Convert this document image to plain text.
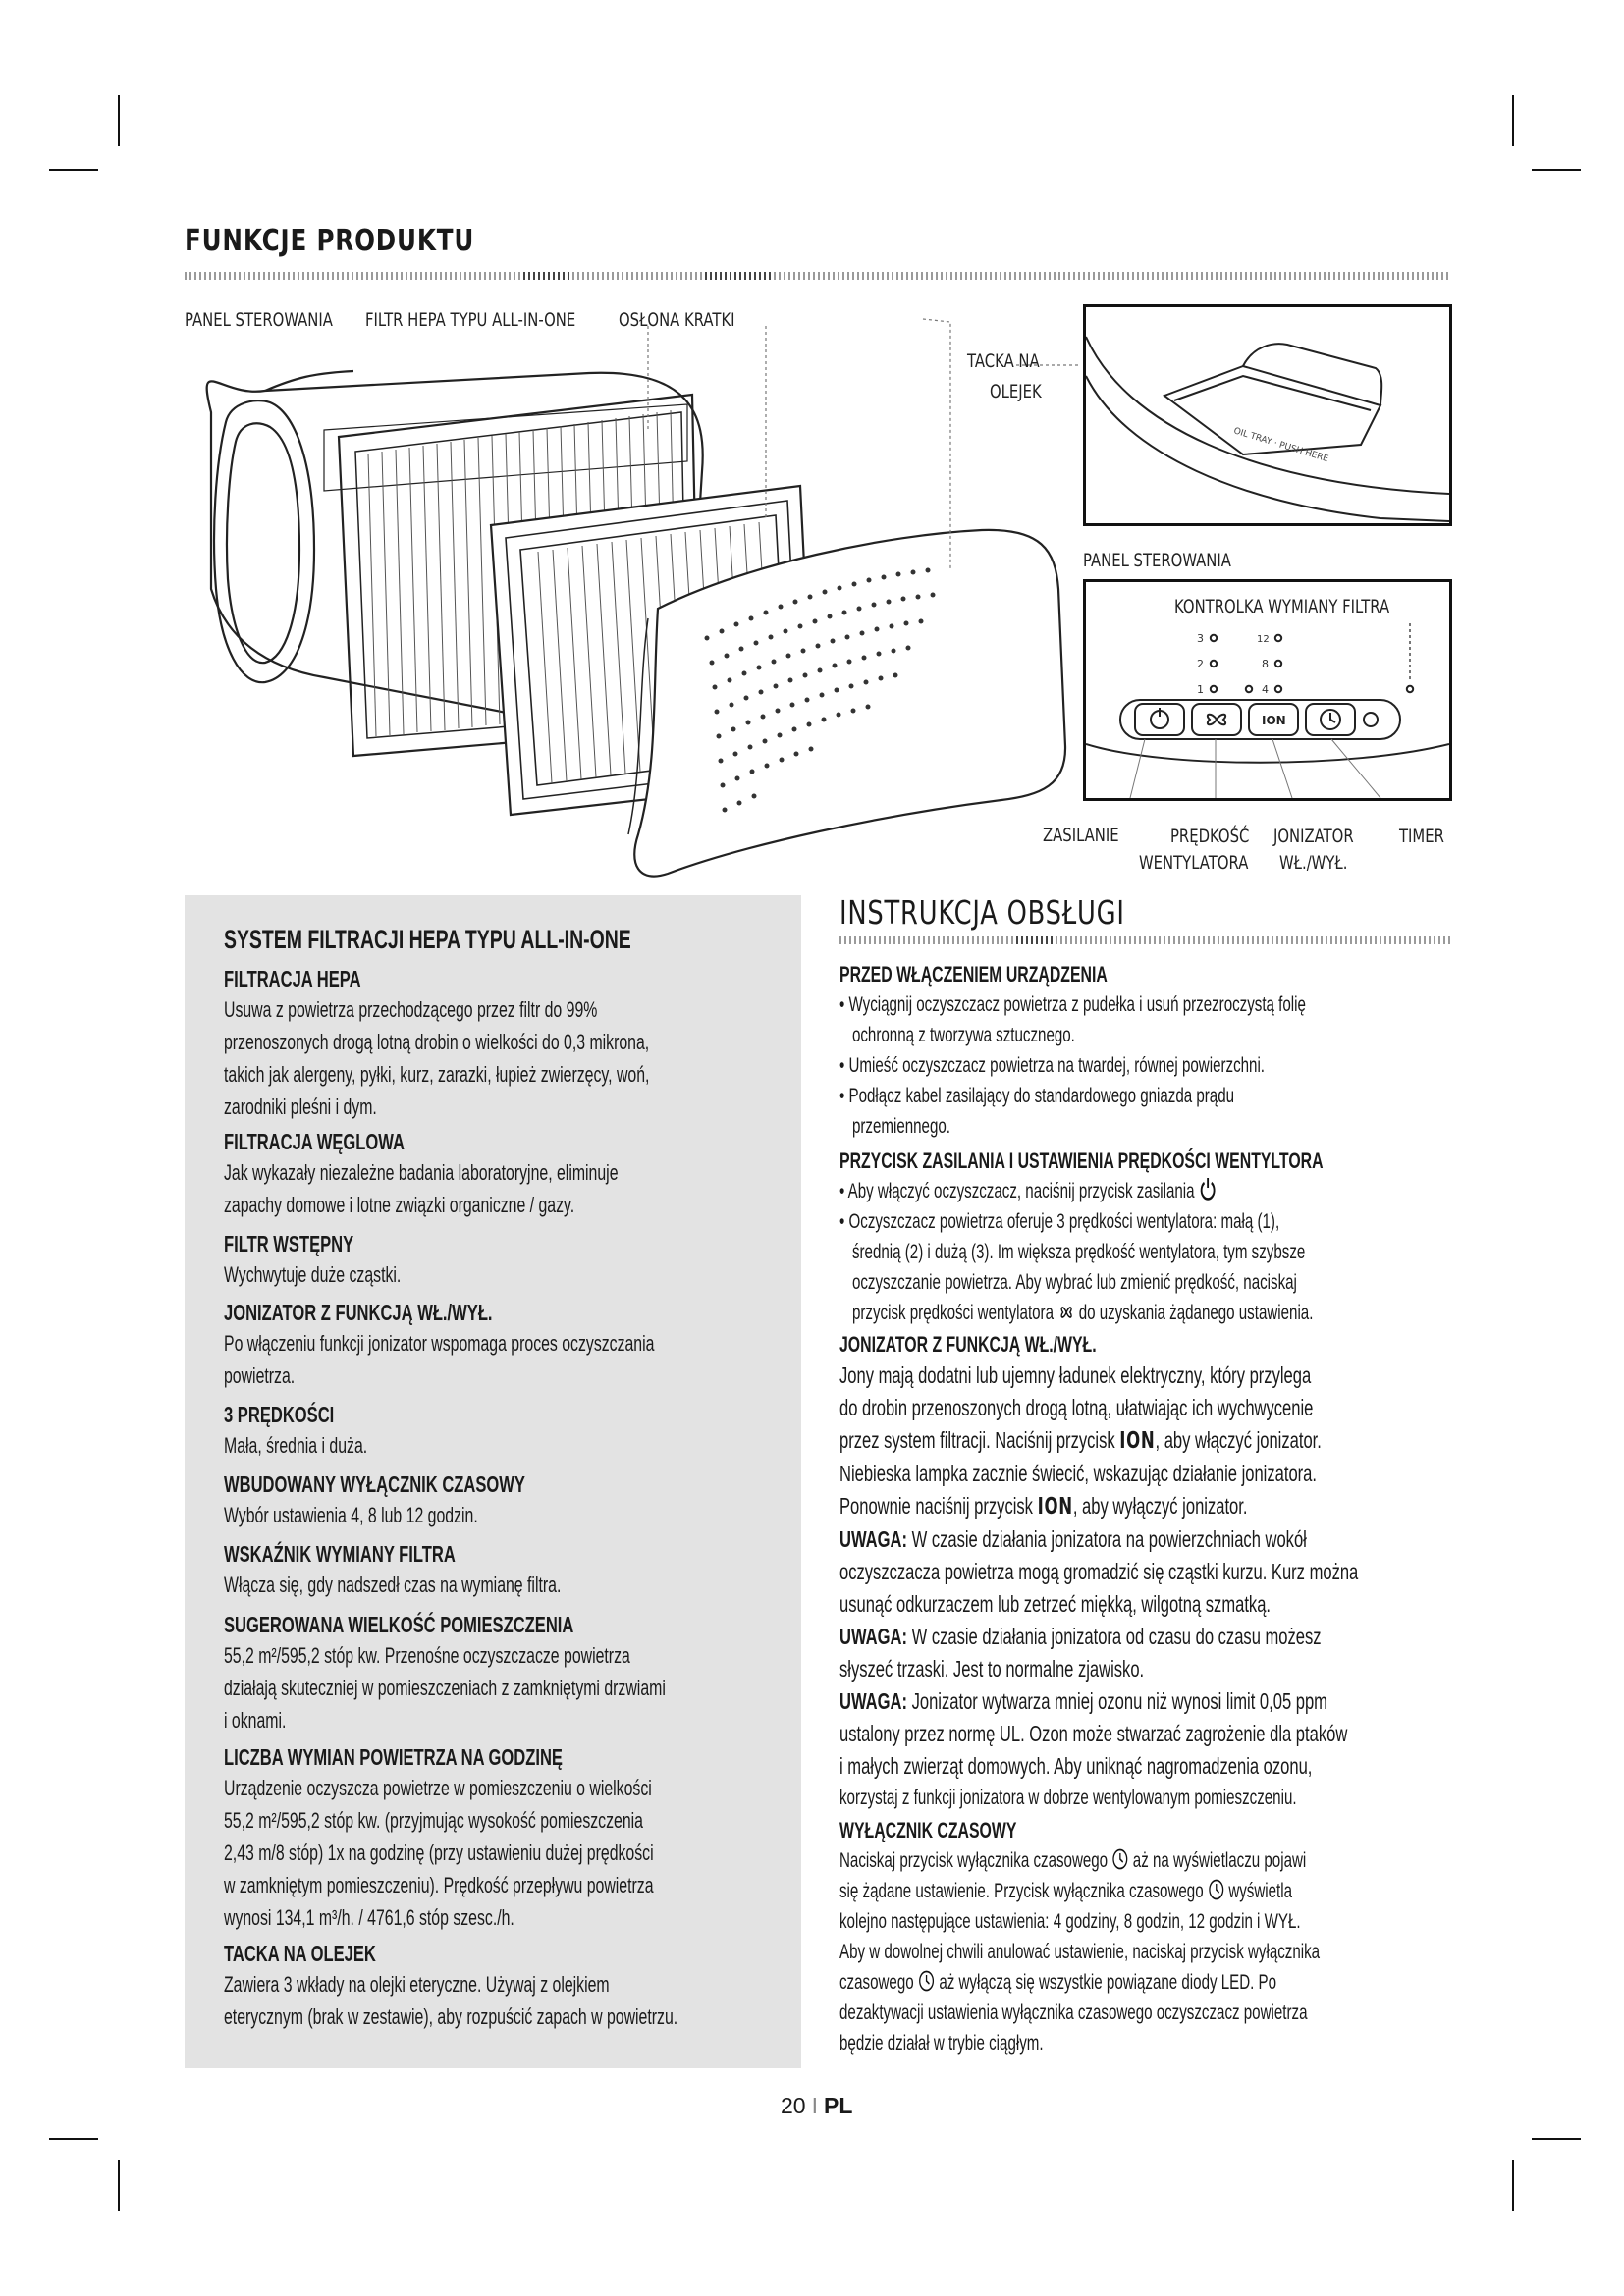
FUNKCJE PRODUKTU
PANEL STEROWANIA FILTR HEPA TYPU ALL-IN-ONE OSŁONA KRATKI
TACKA NA
OLEJEK
OIL TRAY · PUSH HERE
PANEL STEROWANIA
KONTROLKA WYMIANY FILTRA
3
2
1
12
8
4
ION
ZASILANIE	PRĘDKOŚĆ
WENTYLATORA
JONIZATOR
WŁ./WYŁ.
TIMER
SYSTEM FILTRACJI HEPA TYPU ALL-IN-ONE
FILTRACJA HEPA
Usuwa z powietrza przechodzącego przez filtr do 99%
przenoszonych drogą lotną drobin o wielkości do 0,3 mikrona,
takich jak alergeny, pyłki, kurz, zarazki, łupież zwierzęcy, woń,
zarodniki pleśni i dym.
FILTRACJA WĘGLOWA
Jak wykazały niezależne badania laboratoryjne, eliminuje
zapachy domowe i lotne związki organiczne / gazy.
FILTR WSTĘPNY
Wychwytuje duże cząstki.
JONIZATOR Z FUNKCJĄ WŁ./WYŁ.
Po włączeniu funkcji jonizator wspomaga proces oczyszczania
powietrza.
3 PRĘDKOŚCI
Mała, średnia i duża.
WBUDOWANY WYŁĄCZNIK CZASOWY
Wybór ustawienia 4, 8 lub 12 godzin.
WSKAŹNIK WYMIANY FILTRA
Włącza się, gdy nadszedł czas na wymianę filtra.
SUGEROWANA WIELKOŚĆ POMIESZCZENIA
55,2 m²/595,2 stóp kw. Przenośne oczyszczacze powietrza
działają skuteczniej w pomieszczeniach z zamkniętymi drzwiami
i oknami.
LICZBA WYMIAN POWIETRZA NA GODZINĘ
Urządzenie oczyszcza powietrze w pomieszczeniu o wielkości
55,2 m²/595,2 stóp kw. (przyjmując wysokość pomieszczenia
2,43 m/8 stóp) 1x na godzinę (przy ustawieniu dużej prędkości
w zamkniętym pomieszczeniu). Prędkość przepływu powietrza
wynosi 134,1 m³/h. / 4761,6 stóp szesc./h.
TACKA NA OLEJEK
Zawiera 3 wkłady na olejki eteryczne. Używaj z olejkiem
eterycznym (brak w zestawie), aby rozpuścić zapach w powietrzu.
INSTRUKCJA OBSŁUGI
PRZED WŁĄCZENIEM URZĄDZENIA
• Wyciągnij oczyszczacz powietrza z pudełka i usuń przezroczystą folię
ochronną z tworzywa sztucznego.
• Umieść oczyszczacz powietrza na twardej, równej powierzchni.
• Podłącz kabel zasilający do standardowego gniazda prądu
przemiennego.
PRZYCISK ZASILANIA I USTAWIENIA PRĘDKOŚCI WENTYLTORA
• Aby włączyć oczyszczacz, naciśnij przycisk zasilania
• Oczyszczacz powietrza oferuje 3 prędkości wentylatora: małą (1),
średnią (2) i dużą (3). Im większa prędkość wentylatora, tym szybsze
oczyszczanie powietrza. Aby wybrać lub zmienić prędkość, naciskaj
przycisk prędkości wentylatora do uzyskania żądanego ustawienia.
JONIZATOR Z FUNKCJĄ WŁ./WYŁ.
Jony mają dodatni lub ujemny ładunek elektryczny, który przylega
do drobin przenoszonych drogą lotną, ułatwiając ich wychwycenie
przez system filtracji. Naciśnij przycisk ION, aby włączyć jonizator.
Niebieska lampka zacznie świecić, wskazując działanie jonizatora.
Ponownie naciśnij przycisk ION, aby wyłączyć jonizator.
UWAGA: W czasie działania jonizatora na powierzchniach wokół
oczyszczacza powietrza mogą gromadzić się cząstki kurzu. Kurz można
usunąć odkurzaczem lub zetrzeć miękką, wilgotną szmatką.
UWAGA: W czasie działania jonizatora od czasu do czasu możesz
słyszeć trzaski. Jest to normalne zjawisko.
UWAGA: Jonizator wytwarza mniej ozonu niż wynosi limit 0,05 ppm
ustalony przez normę UL. Ozon może stwarzać zagrożenie dla ptaków
i małych zwierząt domowych. Aby uniknąć nagromadzenia ozonu,
korzystaj z funkcji jonizatora w dobrze wentylowanym pomieszczeniu.
WYŁĄCZNIK CZASOWY
Naciskaj przycisk wyłącznika czasowego aż na wyświetlaczu pojawi
się żądane ustawienie. Przycisk wyłącznika czasowego  wyświetla
kolejno następujące ustawienia: 4 godziny, 8 godzin, 12 godzin i WYŁ.
Aby w dowolnej chwili anulować ustawienie, naciskaj przycisk wyłącznika
czasowego aż wyłączą się wszystkie powiązane diody LED. Po
dezaktywacji ustawienia wyłącznika czasowego oczyszczacz powietrza
będzie działał w trybie ciągłym.
20 I PL
